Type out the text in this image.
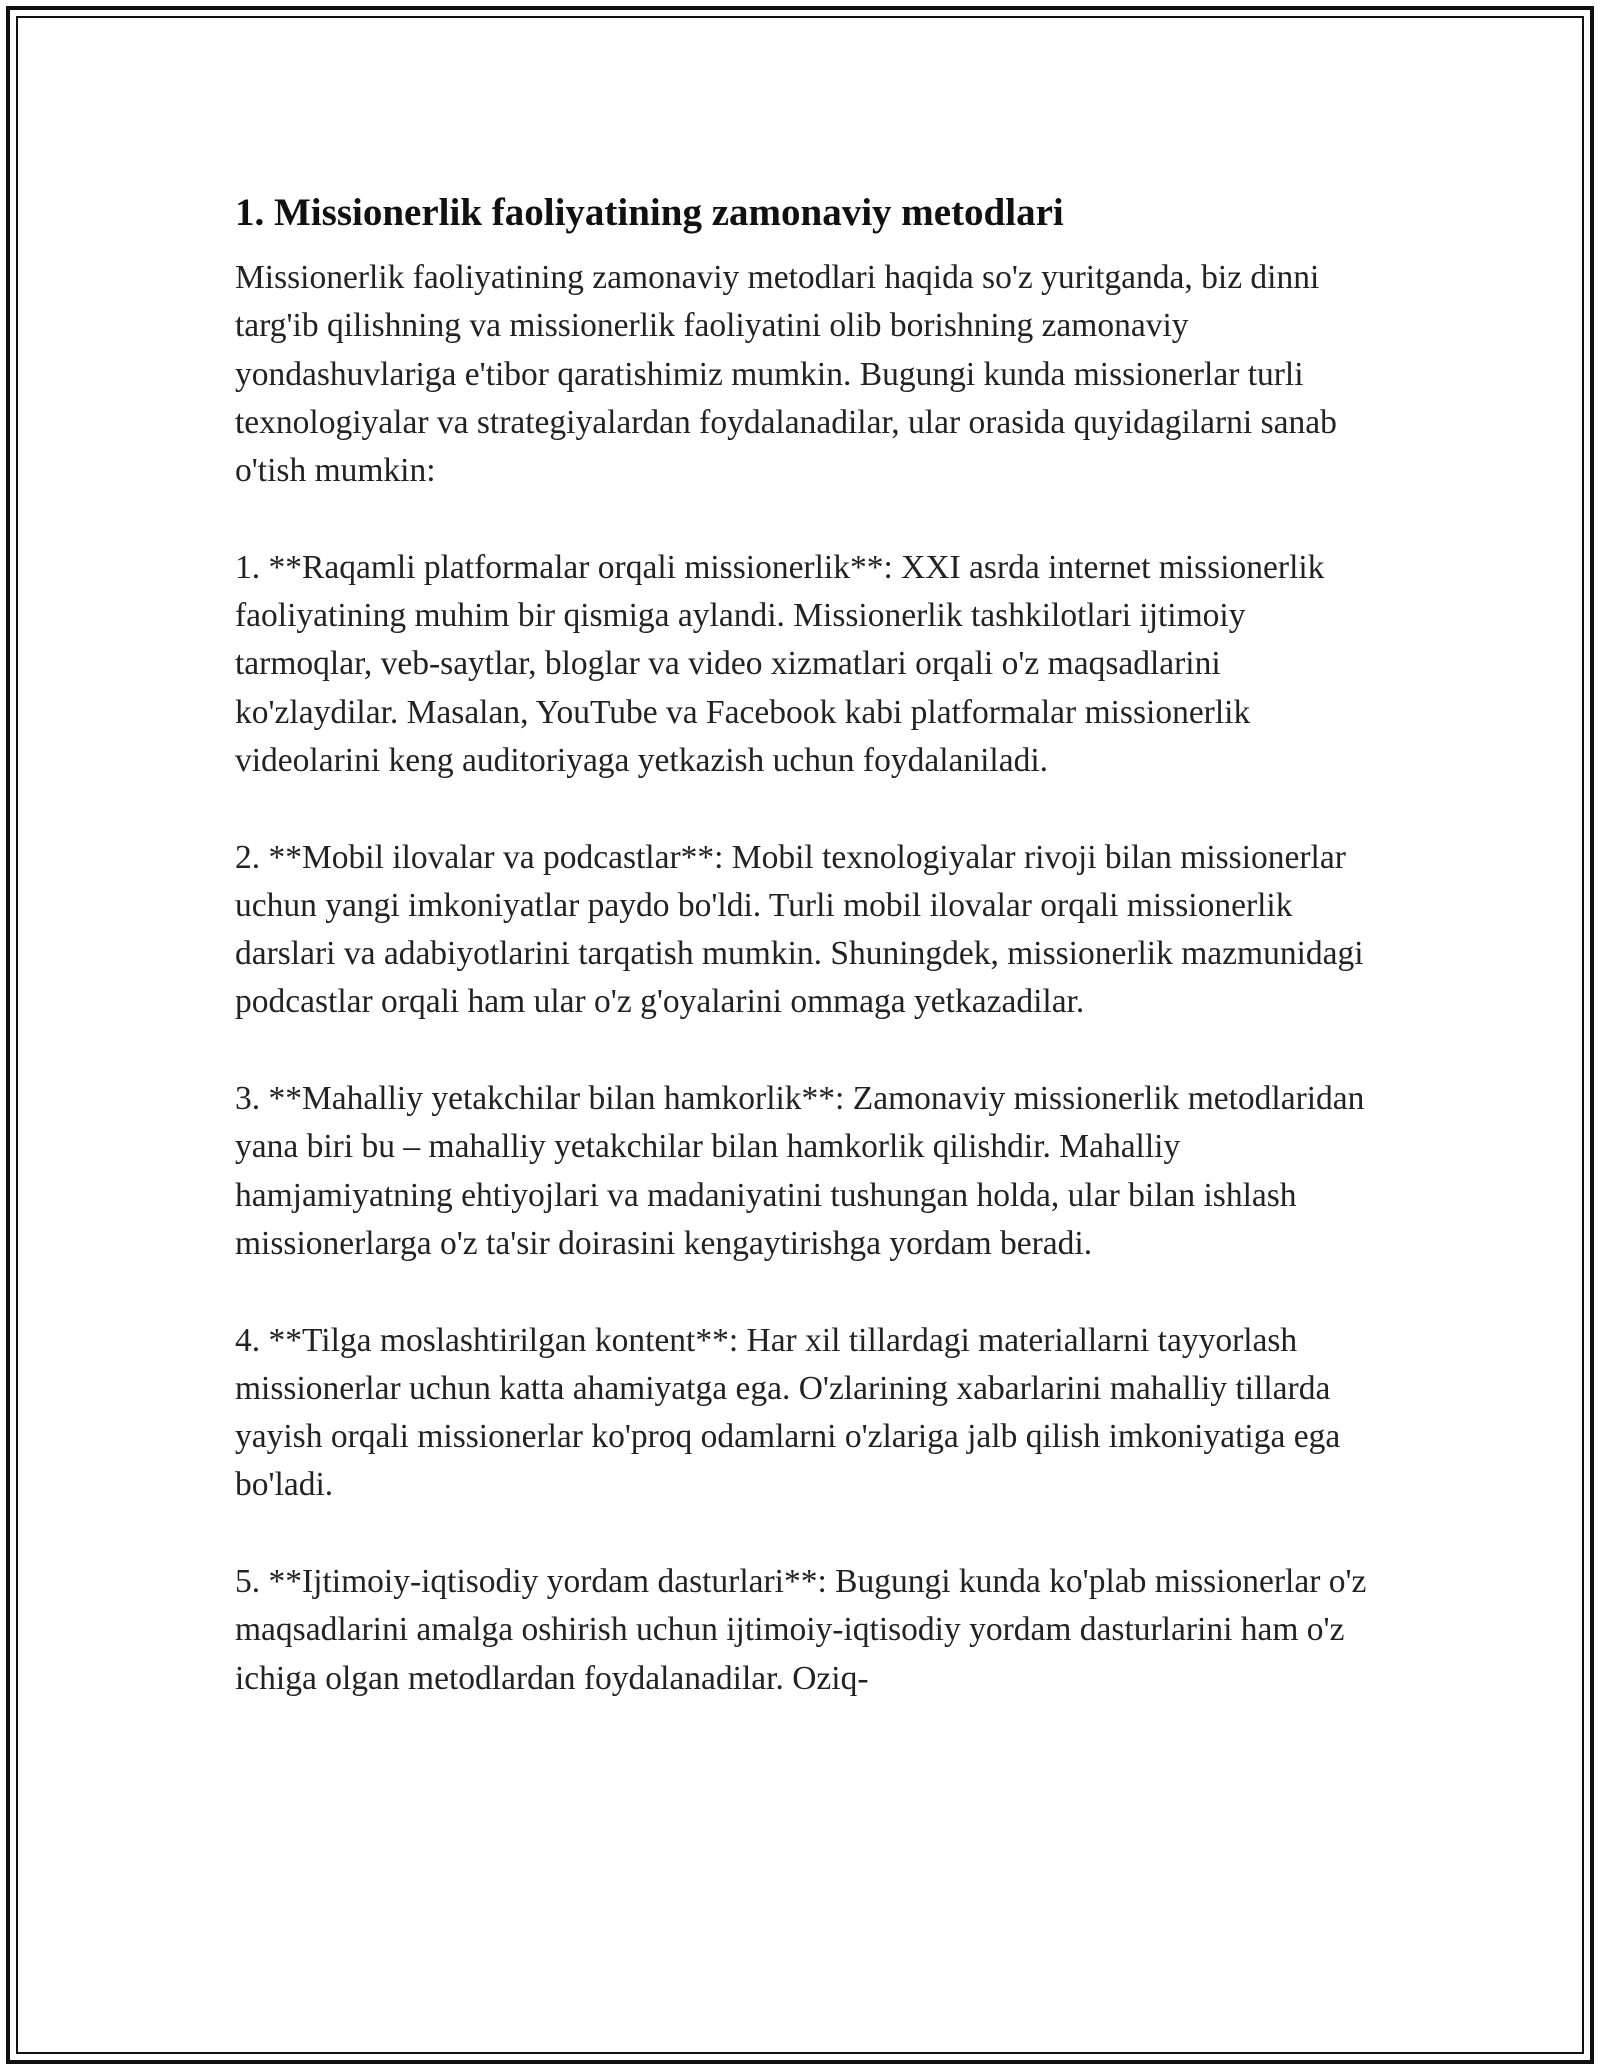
1. Missionerlik faoliyatining zamonaviy metodlari

Missionerlik faoliyatining zamonaviy metodlari haqida so'z yuritganda, biz dinni targ'ib qilishning va missionerlik faoliyatini olib borishning zamonaviy yondashuvlariga e'tibor qaratishimiz mumkin. Bugungi kunda missionerlar turli texnologiyalar va strategiyalardan foydalanadilar, ular orasida quyidagilarni sanab o'tish mumkin:

1. **Raqamli platformalar orqali missionerlik**: XXI asrda internet missionerlik faoliyatining muhim bir qismiga aylandi. Missionerlik tashkilotlari ijtimoiy tarmoqlar, veb-saytlar, bloglar va video xizmatlari orqali o'z maqsadlarini ko'zlaydilar. Masalan, YouTube va Facebook kabi platformalar missionerlik videolarini keng auditoriyaga yetkazish uchun foydalaniladi.

2. **Mobil ilovalar va podcastlar**: Mobil texnologiyalar rivoji bilan missionerlar uchun yangi imkoniyatlar paydo bo'ldi. Turli mobil ilovalar orqali missionerlik darslari va adabiyotlarini tarqatish mumkin. Shuningdek, missionerlik mazmunidagi podcastlar orqali ham ular o'z g'oyalarini ommaga yetkazadilar.

3. **Mahalliy yetakchilar bilan hamkorlik**: Zamonaviy missionerlik metodlaridan yana biri bu – mahalliy yetakchilar bilan hamkorlik qilishdir. Mahalliy hamjamiyatning ehtiyojlari va madaniyatini tushungan holda, ular bilan ishlash missionerlarga o'z ta'sir doirasini kengaytirishga yordam beradi.

4. **Tilga moslashtirilgan kontent**: Har xil tillardagi materiallarni tayyorlash missionerlar uchun katta ahamiyatga ega. O'zlarining xabarlarini mahalliy tillarda yayish orqali missionerlar ko'proq odamlarni o'zlariga jalb qilish imkoniyatiga ega bo'ladi.

5. **Ijtimoiy-iqtisodiy yordam dasturlari**: Bugungi kunda ko'plab missionerlar o'z maqsadlarini amalga oshirish uchun ijtimoiy-iqtisodiy yordam dasturlarini ham o'z ichiga olgan metodlardan foydalanadilar. Oziq-
